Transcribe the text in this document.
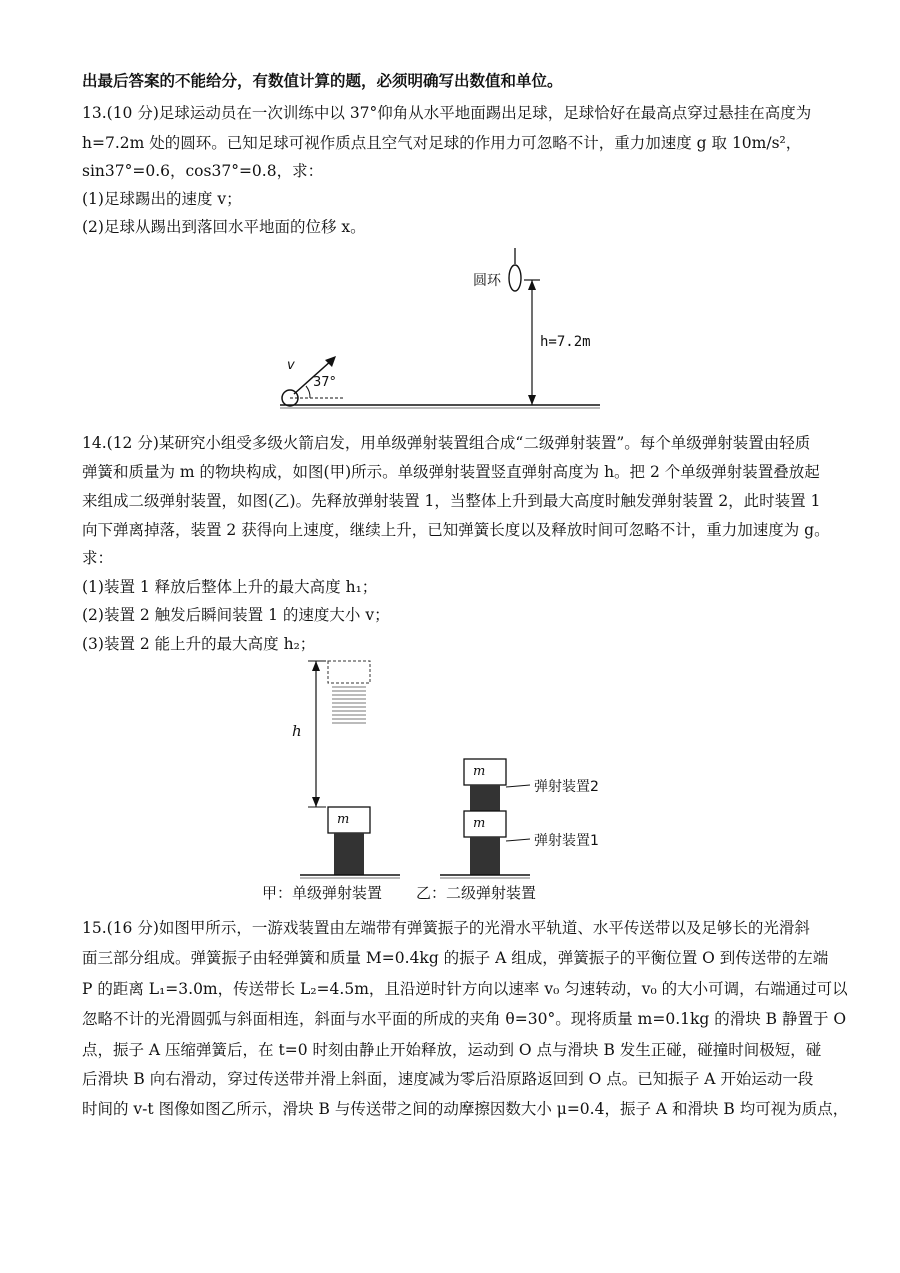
出最后答案的不能给分，有数值计算的题，必须明确写出数值和单位。
13.(10 分)足球运动员在一次训练中以 37°仰角从水平地面踢出足球，足球恰好在最高点穿过悬挂在高度为
h=7.2m 处的圆环。已知足球可视作质点且空气对足球的作用力可忽略不计，重力加速度 g 取 10m/s²，
sin37°=0.6，cos37°=0.8，求：
(1)足球踢出的速度 v；
(2)足球从踢出到落回水平地面的位移 x。
圆环
h=7.2m
37°
v
14.(12 分)某研究小组受多级火箭启发，用单级弹射装置组合成“二级弹射装置”。每个单级弹射装置由轻质
弹簧和质量为 m 的物块构成，如图(甲)所示。单级弹射装置竖直弹射高度为 h。把 2 个单级弹射装置叠放起
来组成二级弹射装置，如图(乙)。先释放弹射装置 1，当整体上升到最大高度时触发弹射装置 2，此时装置 1
向下弹离掉落，装置 2 获得向上速度，继续上升，已知弹簧长度以及释放时间可忽略不计，重力加速度为 g。
求：
(1)装置 1 释放后整体上升的最大高度 h₁；
(2)装置 2 触发后瞬间装置 1 的速度大小 v；
(3)装置 2 能上升的最大高度 h₂；
h
m
m
m
弹射装置2
弹射装置1
甲：单级弹射装置 乙：二级弹射装置
15.(16 分)如图甲所示，一游戏装置由左端带有弹簧振子的光滑水平轨道、水平传送带以及足够长的光滑斜
面三部分组成。弹簧振子由轻弹簧和质量 M=0.4kg 的振子 A 组成，弹簧振子的平衡位置 O 到传送带的左端
P 的距离 L₁=3.0m，传送带长 L₂=4.5m，且沿逆时针方向以速率 v₀ 匀速转动，v₀ 的大小可调，右端通过可以
忽略不计的光滑圆弧与斜面相连，斜面与水平面的所成的夹角 θ=30°。现将质量 m=0.1kg 的滑块 B 静置于 O
点，振子 A 压缩弹簧后，在 t=0 时刻由静止开始释放，运动到 O 点与滑块 B 发生正碰，碰撞时间极短，碰
后滑块 B 向右滑动，穿过传送带并滑上斜面，速度减为零后沿原路返回到 O 点。已知振子 A 开始运动一段
时间的 v-t 图像如图乙所示，滑块 B 与传送带之间的动摩擦因数大小 μ=0.4，振子 A 和滑块 B 均可视为质点，
